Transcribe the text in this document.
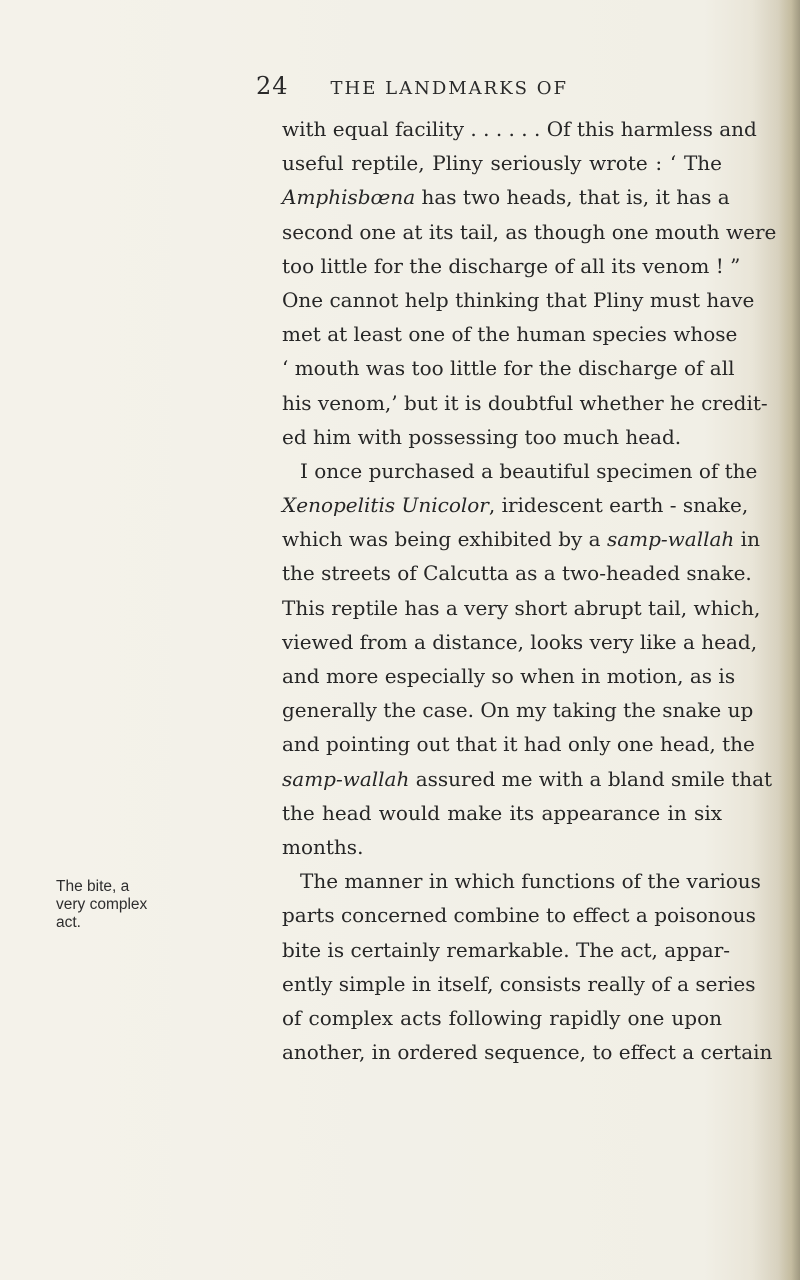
24 THE LANDMARKS OF
The bite, a
very complex
act.
with equal facility . . . . . . Of this harmless and
useful reptile, Pliny seriously wrote : ‘ The
Amphisbœna has two heads, that is, it has a
second one at its tail, as though one mouth were
too little for the discharge of all its venom ! ”
One cannot help thinking that Pliny must have
met at least one of the human species whose
‘ mouth was too little for the discharge of all
his venom,’ but it is doubtful whether he credit-
ed him with possessing too much head.
I once purchased a beautiful specimen of the
Xenopelitis Unicolor, iridescent earth - snake,
which was being exhibited by a samp-wallah in
the streets of Calcutta as a two-headed snake.
This reptile has a very short abrupt tail, which,
viewed from a distance, looks very like a head,
and more especially so when in motion, as is
generally the case. On my taking the snake up
and pointing out that it had only one head, the
samp-wallah assured me with a bland smile that
the head would make its appearance in six
months.
The manner in which functions of the various
parts concerned combine to effect a poisonous
bite is certainly remarkable. The act, appar-
ently simple in itself, consists really of a series
of complex acts following rapidly one upon
another, in ordered sequence, to effect a certain
